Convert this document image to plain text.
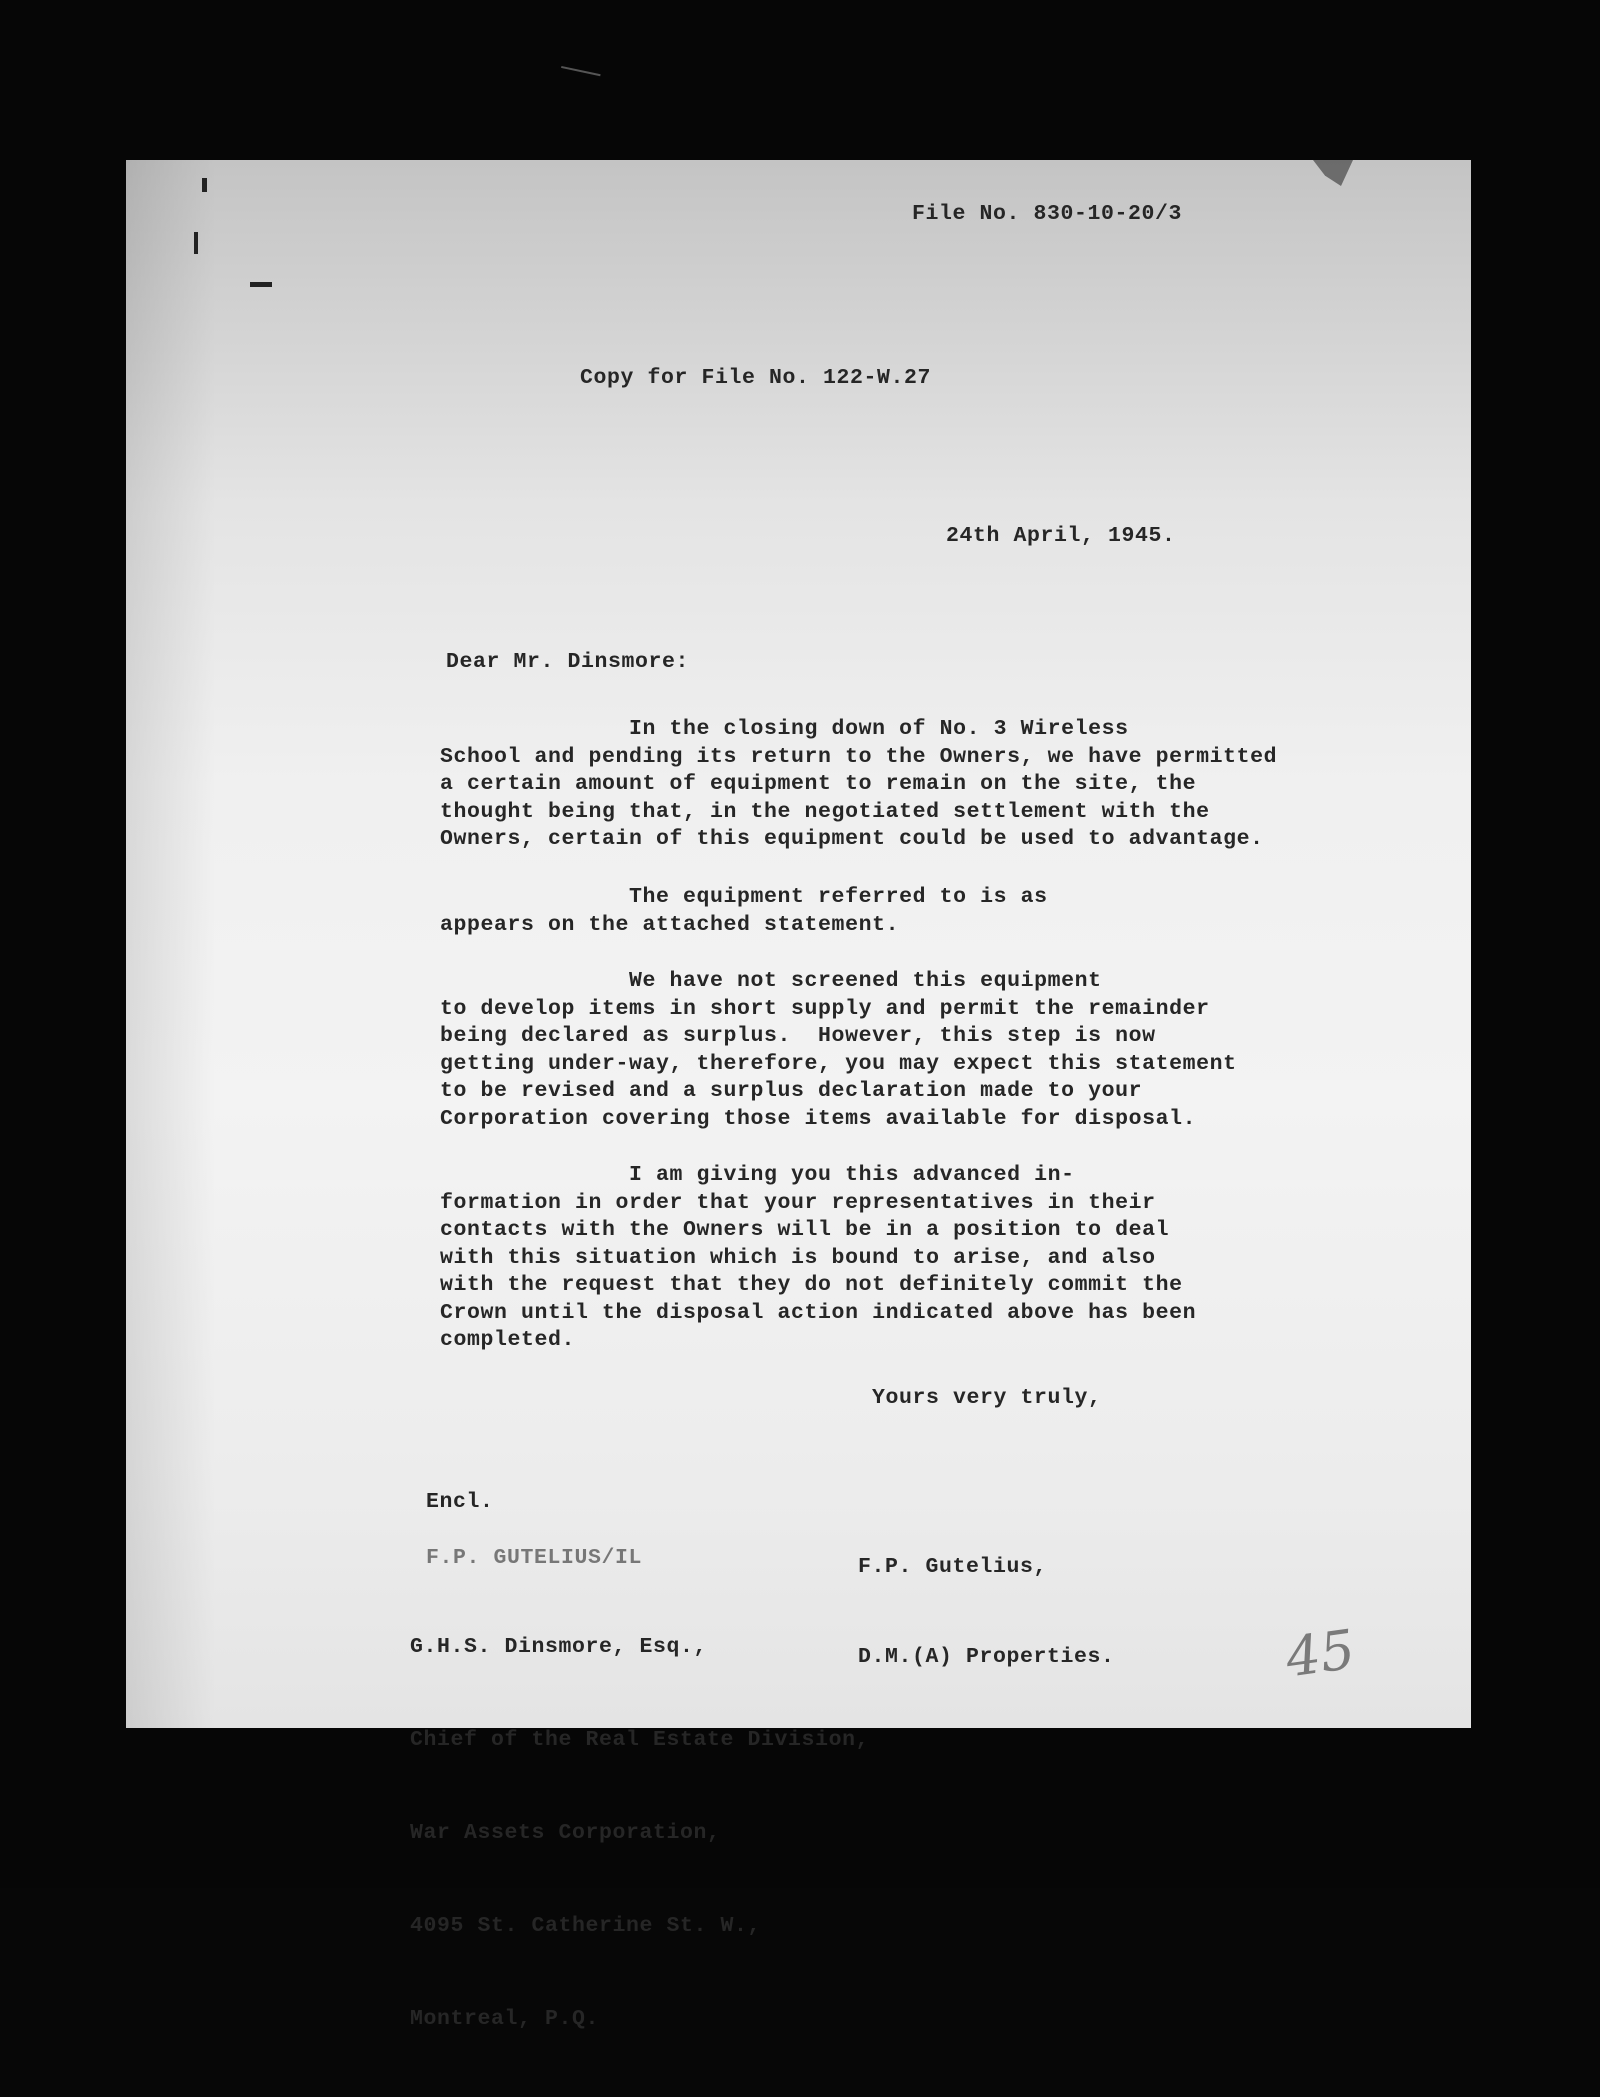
File No. 830-10-20/3
Copy for File No. 122-W.27
24th April, 1945.
Dear Mr. Dinsmore:
In the closing down of No. 3 Wireless
School and pending its return to the Owners, we have permitted
a certain amount of equipment to remain on the site, the
thought being that, in the negotiated settlement with the
Owners, certain of this equipment could be used to advantage.
The equipment referred to is as
appears on the attached statement.
We have not screened this equipment
to develop items in short supply and permit the remainder
being declared as surplus.  However, this step is now
getting under-way, therefore, you may expect this statement
to be revised and a surplus declaration made to your
Corporation covering those items available for disposal.
I am giving you this advanced in-
formation in order that your representatives in their
contacts with the Owners will be in a position to deal
with this situation which is bound to arise, and also
with the request that they do not definitely commit the
Crown until the disposal action indicated above has been
completed.
Yours very truly,
Encl.

F.P. Gutelius,

D.M.(A) Properties.

F.P. GUTELIUS/IL

G.H.S. Dinsmore, Esq.,

Chief of the Real Estate Division,

War Assets Corporation,

4095 St. Catherine St. W.,

Montreal, P.Q.

45
